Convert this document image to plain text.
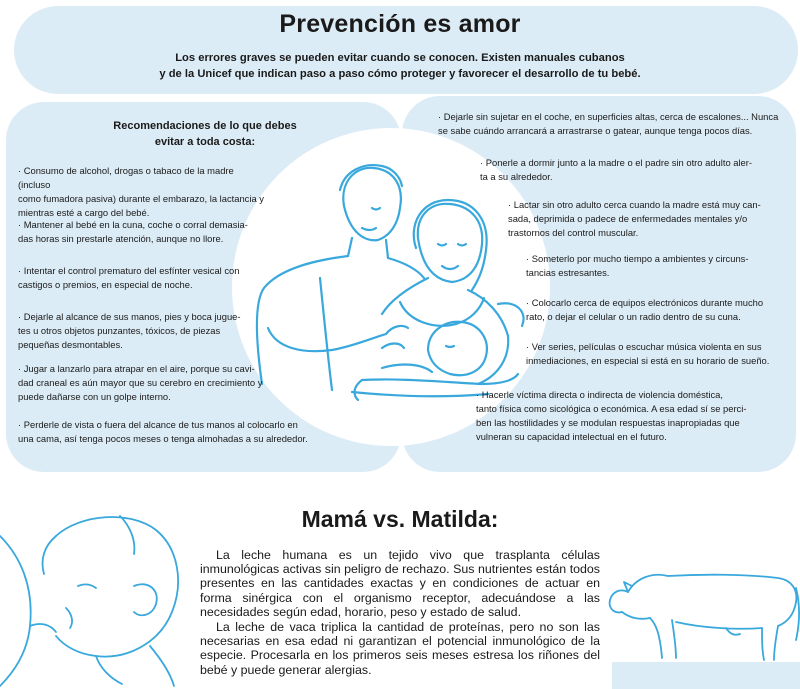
Prevención es amor

Los errores graves se pueden evitar cuando se conocen. Existen manuales cubanos
y de la Unicef que indican paso a paso cómo proteger y favorecer el desarrollo de tu bebé.

Recomendaciones de lo que debes
evitar a toda costa:

· Consumo de alcohol, drogas o tabaco de la madre (incluso
como fumadora pasiva) durante el embarazo, la lactancia y
mientras esté a cargo del bebé.

· Mantener al bebé en la cuna, coche o corral demasia-
das horas sin prestarle atención, aunque no llore.

· Intentar el control prematuro del esfínter vesical con
castigos o premios, en especial de noche.

· Dejarle al alcance de sus manos, pies y boca jugue-
tes u otros objetos punzantes, tóxicos, de piezas
pequeñas desmontables.

· Jugar a lanzarlo para atrapar en el aire, porque su cavi-
dad craneal es aún mayor que su cerebro en crecimiento y
puede dañarse con un golpe interno.

· Perderle de vista o fuera del alcance de tus manos al colocarlo en
una cama, así tenga pocos meses o tenga almohadas a su alrededor.

· Dejarle sin sujetar en el coche, en superficies altas, cerca de escalones... Nunca
se sabe cuándo arrancará a arrastrarse o gatear, aunque tenga pocos días.

· Ponerle a dormir junto a la madre o el padre sin otro adulto aler-
ta a su alrededor.

· Lactar sin otro adulto cerca cuando la madre está muy can-
sada, deprimida o padece de enfermedades mentales y/o
trastornos del control muscular.

· Someterlo por mucho tiempo a ambientes y circuns-
tancias estresantes.

· Colocarlo cerca de equipos electrónicos durante mucho
rato, o dejar el celular o un radio dentro de su cuna.

· Ver series, películas o escuchar música violenta en sus
inmediaciones, en especial si está en su horario de sueño.

· Hacerle víctima directa o indirecta de violencia doméstica,
tanto física como sicológica o económica. A esa edad sí se perci-
ben las hostilidades y se modulan respuestas inapropiadas que
vulneran su capacidad intelectual en el futuro.

Mamá vs. Matilda:

La leche humana es un tejido vivo que trasplanta células inmunológicas activas sin peligro de rechazo. Sus nutrientes están todos presentes en las cantidades exactas y en condiciones de actuar en forma sinérgica con el organismo receptor, adecuándose a las necesidades según edad, horario, peso y estado de salud.

La leche de vaca triplica la cantidad de proteínas, pero no son las necesarias en esa edad ni garantizan el potencial inmunológico de la especie. Procesarla en los primeros seis meses estresa los riñones del bebé y puede generar alergias.
